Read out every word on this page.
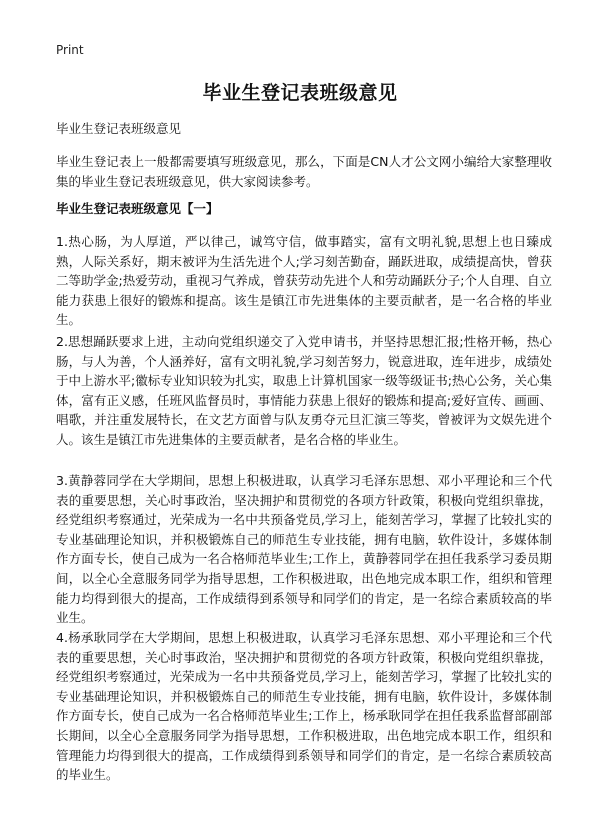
Print
毕业生登记表班级意见

毕业生登记表班级意见

毕业生登记表上一般都需要填写班级意见，那么，下面是CN人才公文网小编给大家整理收集的毕业生登记表班级意见，供大家阅读参考。

毕业生登记表班级意见【一】

1.热心肠，为人厚道，严以律己，诚笃守信，做事踏实，富有文明礼貌,思想上也日臻成熟，人际关系好，期末被评为生活先进个人;学习刻苦勤奋，踊跃进取，成绩提高快，曾获二等助学金;热爱劳动，重视习气养成，曾获劳动先进个人和劳动踊跃分子;个人自理、自立能力获患上很好的锻炼和提高。该生是镇江市先进集体的主要贡献者，是一名合格的毕业生。

2.思想踊跃要求上进，主动向党组织递交了入党申请书，并坚持思想汇报;性格开畅，热心肠，与人为善，个人涵养好，富有文明礼貌,学习刻苦努力，锐意进取，连年进步，成绩处于中上游水平;徽标专业知识较为扎实，取患上计算机国家一级等级证书;热心公务，关心集体，富有正义感，任班风监督员时，事情能力获患上很好的锻炼和提高;爱好宣传、画画、唱歌，并注重发展特长，在文艺方面曾与队友勇夺元旦汇演三等奖，曾被评为文娱先进个人。该生是镇江市先进集体的主要贡献者，是名合格的毕业生。

3.黄静蓉同学在大学期间，思想上积极进取，认真学习毛泽东思想、邓小平理论和三个代表的重要思想，关心时事政治，坚决拥护和贯彻党的各项方针政策，积极向党组织靠拢，经党组织考察通过，光荣成为一名中共预备党员,学习上，能刻苦学习，掌握了比较扎实的专业基础理论知识，并积极锻炼自己的师范生专业技能，拥有电脑，软件设计，多媒体制作方面专长，使自己成为一名合格师范毕业生;工作上，黄静蓉同学在担任我系学习委员期间，以全心全意服务同学为指导思想，工作积极进取，出色地完成本职工作，组织和管理能力均得到很大的提高，工作成绩得到系领导和同学们的肯定，是一名综合素质较高的毕业生。

4.杨承耿同学在大学期间，思想上积极进取，认真学习毛泽东思想、邓小平理论和三个代表的重要思想，关心时事政治，坚决拥护和贯彻党的各项方针政策，积极向党组织靠拢，经党组织考察通过，光荣成为一名中共预备党员,学习上，能刻苦学习，掌握了比较扎实的专业基础理论知识，并积极锻炼自己的师范生专业技能，拥有电脑，软件设计，多媒体制作方面专长，使自己成为一名合格师范毕业生;工作上，杨承耿同学在担任我系监督部副部长期间，以全心全意服务同学为指导思想，工作积极进取，出色地完成本职工作，组织和管理能力均得到很大的提高，工作成绩得到系领导和同学们的肯定，是一名综合素质较高的毕业生。
